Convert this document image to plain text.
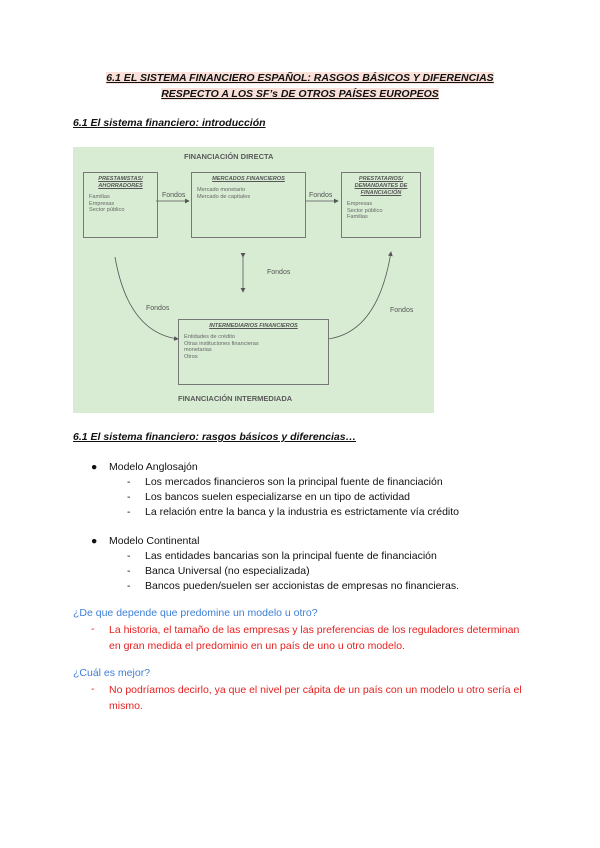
6.1 EL SISTEMA FINANCIERO ESPAÑOL: RASGOS BÁSICOS Y DIFERENCIAS
RESPECTO A LOS SF’s DE OTROS PAÍSES EUROPEOS
6.1 El sistema financiero: introducción
FINANCIACIÓN DIRECTA
FINANCIACIÓN INTERMEDIADA
PRESTAMISTAS/
AHORRADORES
Familias
Empresas
Sector público
MERCADOS FINANCIEROS
Mercado monetario
Mercado de capitales
PRESTATARIOS/
DEMANDANTES DE
FINANCIACIÓN
Empresas
Sector público
Familias
INTERMEDIARIOS FINANCIEROS
Entidades de crédito
Otras instituciones financieras
monetarias
Otros
Fondos	Fondos
Fondos
Fondos	Fondos
6.1 El sistema financiero: rasgos básicos y diferencias…
● Modelo Anglosajón
- Los mercados financieros son la principal fuente de financiación
- Los bancos suelen especializarse en un tipo de actividad
- La relación entre la banca y la industria es estrictamente vía crédito
● Modelo Continental
- Las entidades bancarias son la principal fuente de financiación
- Banca Universal (no especializada)
- Bancos pueden/suelen ser accionistas de empresas no financieras.
¿De que depende que predomine un modelo u otro?
- La historia, el tamaño de las empresas y las preferencias de los reguladores determinan en gran medida el predominio en un país de uno u otro modelo.
¿Cuál es mejor?
- No podríamos decirlo, ya que el nivel per cápita de un país con un modelo u otro sería el mismo.
